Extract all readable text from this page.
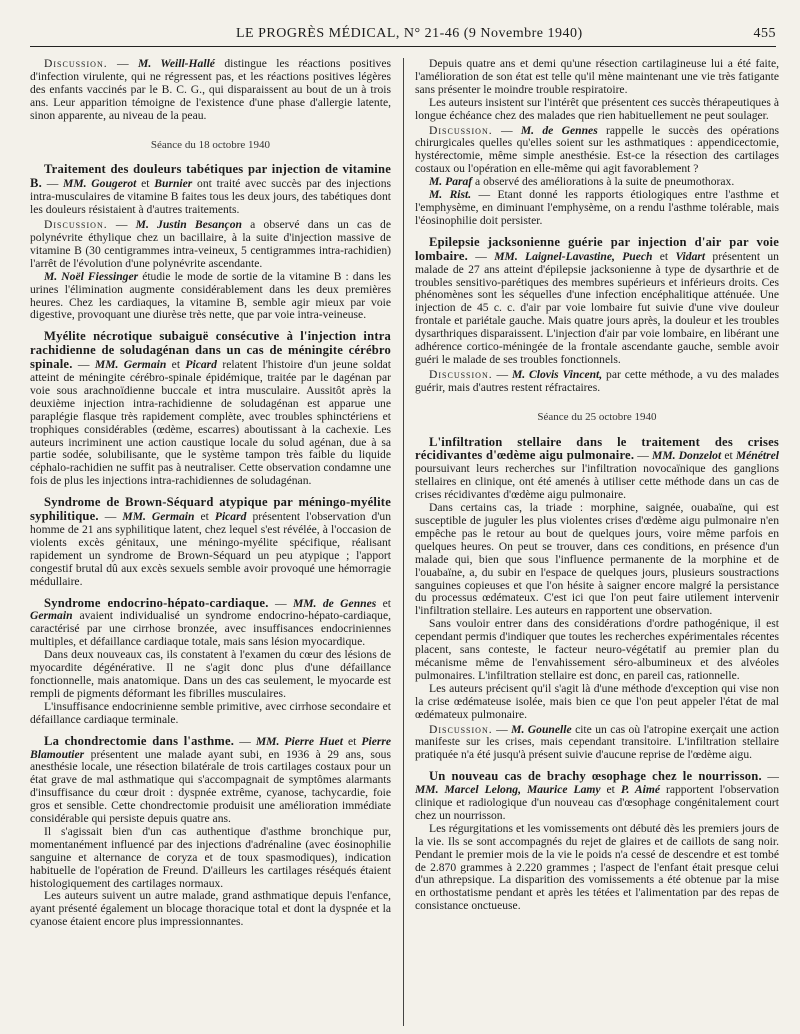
LE PROGRÈS MÉDICAL, N° 21-46 (9 Novembre 1940)	455

Discussion. — M. Weill-Hallé distingue les réactions positives d'infection virulente, qui ne régressent pas, et les réactions positives légères des enfants vaccinés par le B. C. G., qui disparaissent au bout de un à trois ans. Leur apparition témoigne de l'existence d'une phase d'allergie latente, sinon apparente, au niveau de la peau.

Séance du 18 octobre 1940

Traitement des douleurs tabétiques par injection de vitamine B. — MM. Gougerot et Burnier ont traité avec succès par des injections intra-musculaires de vitamine B faites tous les deux jours, des tabétiques dont les douleurs résistaient à d'autres traitements.

Discussion. — M. Justin Besançon a observé dans un cas de polynévrite éthylique chez un bacillaire, à la suite d'injection massive de vitamine B (30 centigrammes intra-veineux, 5 centigrammes intra-rachidien) l'arrêt de l'évolution d'une polynévrite ascendante.

M. Noël Fiessinger étudie le mode de sortie de la vitamine B : dans les urines l'élimination augmente considérablement dans les deux premières heures. Chez les cardiaques, la vitamine B, semble agir mieux par voie digestive, provoquant une diurèse très nette, que par voie intra-veineuse.

Myélite nécrotique subaiguë consécutive à l'injection intra rachidienne de soludagénan dans un cas de méningite cérébro spinale. — MM. Germain et Picard relatent l'histoire d'un jeune soldat atteint de méningite cérébro-spinale épidémique, traitée par le dagénan par voie sous arachnoïdienne buccale et intra musculaire. Aussitôt après la deuxième injection intra-rachidienne de soludagénan est apparue une paraplégie flasque très rapidement complète, avec troubles sphinctériens et trophiques considérables (œdème, escarres) aboutissant à la cachexie. Les auteurs incriminent une action caustique locale du solud agénan, due à sa partie sodée, solubilisante, que le système tampon très faible du liquide céphalo-rachidien ne suffit pas à neutraliser. Cette observation condamne une fois de plus les injections intra-rachidiennes de soludagénan.

Syndrome de Brown-Séquard atypique par méningo-myélite syphilitique. — MM. Germain et Picard présentent l'observation d'un homme de 21 ans syphilitique latent, chez lequel s'est révélée, à l'occasion de violents excès génitaux, une méningo-myélite spécifique, réalisant rapidement un syndrome de Brown-Séquard un peu atypique ; l'apport congestif brutal dû aux excès sexuels semble avoir provoqué une hémorragie médullaire.

Syndrome endocrino-hépato-cardiaque. — MM. de Gennes et Germain avaient individualisé un syndrome endocrino-hépato-cardiaque, caractérisé par une cirrhose bronzée, avec insuffisances endocriniennes multiples, et défaillance cardiaque totale, mais sans lésion myocardique.

Dans deux nouveaux cas, ils constatent à l'examen du cœur des lésions de myocardite dégénérative. Il ne s'agit donc plus d'une défaillance fonctionnelle, mais anatomique. Dans un des cas seulement, le myocarde est rempli de pigments déformant les fibrilles musculaires.

L'insuffisance endocrinienne semble primitive, avec cirrhose secondaire et défaillance cardiaque terminale.

La chondrectomie dans l'asthme. — MM. Pierre Huet et Pierre Blamoutier présentent une malade ayant subi, en 1936 à 29 ans, sous anesthésie locale, une résection bilatérale de trois cartilages costaux pour un état grave de mal asthmatique qui s'accompagnait de symptômes alarmants d'insuffisance du cœur droit : dyspnée extrême, cyanose, tachycardie, foie gros et sensible. Cette chondrectomie produisit une amélioration immédiate considérable qui persiste depuis quatre ans.

Il s'agissait bien d'un cas authentique d'asthme bronchique pur, momentanément influencé par des injections d'adrénaline (avec éosinophilie sanguine et alternance de coryza et de toux spasmodiques), indication habituelle de l'opération de Freund. D'ailleurs les cartilages réséqués étaient histologiquement des cartilages normaux.

Les auteurs suivent un autre malade, grand asthmatique depuis l'enfance, ayant présenté également un blocage thoracique total et dont la dyspnée et la cyanose étaient encore plus impressionnantes.

Depuis quatre ans et demi qu'une résection cartilagineuse lui a été faite, l'amélioration de son état est telle qu'il mène maintenant une vie très fatigante sans présenter le moindre trouble respiratoire.

Les auteurs insistent sur l'intérêt que présentent ces succès thérapeutiques à longue échéance chez des malades que rien habituellement ne peut soulager.

Discussion. — M. de Gennes rappelle le succès des opérations chirurgicales quelles qu'elles soient sur les asthmatiques : appendicectomie, hystérectomie, même simple anesthésie. Est-ce la résection des cartilages costaux ou l'opération en elle-même qui agit favorablement ?

M. Paraf a observé des améliorations à la suite de pneumothorax.

M. Rist. — Etant donné les rapports étiologiques entre l'asthme et l'emphysème, en diminuant l'emphysème, on a rendu l'asthme tolérable, mais l'éosinophilie doit persister.

Epilepsie jacksonienne guérie par injection d'air par voie lombaire. — MM. Laignel-Lavastine, Puech et Vidart présentent un malade de 27 ans atteint d'épilepsie jacksonienne à type de dysarthrie et de troubles sensitivo-parétiques des membres supérieurs et inférieurs droits. Ces phénomènes sont les séquelles d'une infection encéphalitique atténuée. Une injection de 45 c. c. d'air par voie lombaire fut suivie d'une vive douleur frontale et pariétale gauche. Mais quatre jours après, la douleur et les troubles dysarthriques disparaissent. L'injection d'air par voie lombaire, en libérant une adhérence cortico-méningée de la frontale ascendante gauche, semble avoir guéri le malade de ses troubles fonctionnels.

Discussion. — M. Clovis Vincent, par cette méthode, a vu des malades guérir, mais d'autres restent réfractaires.

Séance du 25 octobre 1940

L'infiltration stellaire dans le traitement des crises récidivantes d'œdème aigu pulmonaire. — MM. Donzelot et Ménétrel poursuivant leurs recherches sur l'infiltration novocaïnique des ganglions stellaires en clinique, ont été amenés à utiliser cette méthode dans un cas de crises récidivantes d'œdème aigu pulmonaire.

Dans certains cas, la triade : morphine, saignée, ouabaïne, qui est susceptible de juguler les plus violentes crises d'œdème aigu pulmonaire n'en empêche pas le retour au bout de quelques jours, voire même parfois en quelques heures. On peut se trouver, dans ces conditions, en présence d'un malade qui, bien que sous l'influence permanente de la morphine et de l'ouabaïne, a, du subir en l'espace de quelques jours, plusieurs soustractions sanguines copieuses et que l'on hésite à saigner encore malgré la persistance du processus œdémateux. C'est ici que l'on peut faire utilement intervenir l'infiltration stellaire. Les auteurs en rapportent une observation.

Sans vouloir entrer dans des considérations d'ordre pathogénique, il est cependant permis d'indiquer que toutes les recherches expérimentales récentes placent, sans conteste, le facteur neuro-végétatif au premier plan du mécanisme même de l'envahissement séro-albumineux et des alvéoles pulmonaires. L'infiltration stellaire est donc, en pareil cas, rationnelle.

Les auteurs précisent qu'il s'agit là d'une méthode d'exception qui vise non la crise œdémateuse isolée, mais bien ce que l'on peut appeler l'état de mal œdémateux pulmonaire.

Discussion. — M. Gounelle cite un cas où l'atropine exerçait une action manifeste sur les crises, mais cependant transitoire. L'infiltration stellaire pratiquée n'a été jusqu'à présent suivie d'aucune reprise de l'œdème aigu.

Un nouveau cas de brachy œsophage chez le nourrisson. — MM. Marcel Lelong, Maurice Lamy et P. Aimé rapportent l'observation clinique et radiologique d'un nouveau cas d'œsophage congénitalement court chez un nourrisson.

Les régurgitations et les vomissements ont débuté dès les premiers jours de la vie. Ils se sont accompagnés du rejet de glaires et de caillots de sang noir. Pendant le premier mois de la vie le poids n'a cessé de descendre et est tombé de 2.870 grammes à 2.220 grammes ; l'aspect de l'enfant était presque celui d'un athrepsique. La disparition des vomissements a été obtenue par la mise en orthostatisme pendant et après les tétées et l'alimentation par des repas de consistance onctueuse.
